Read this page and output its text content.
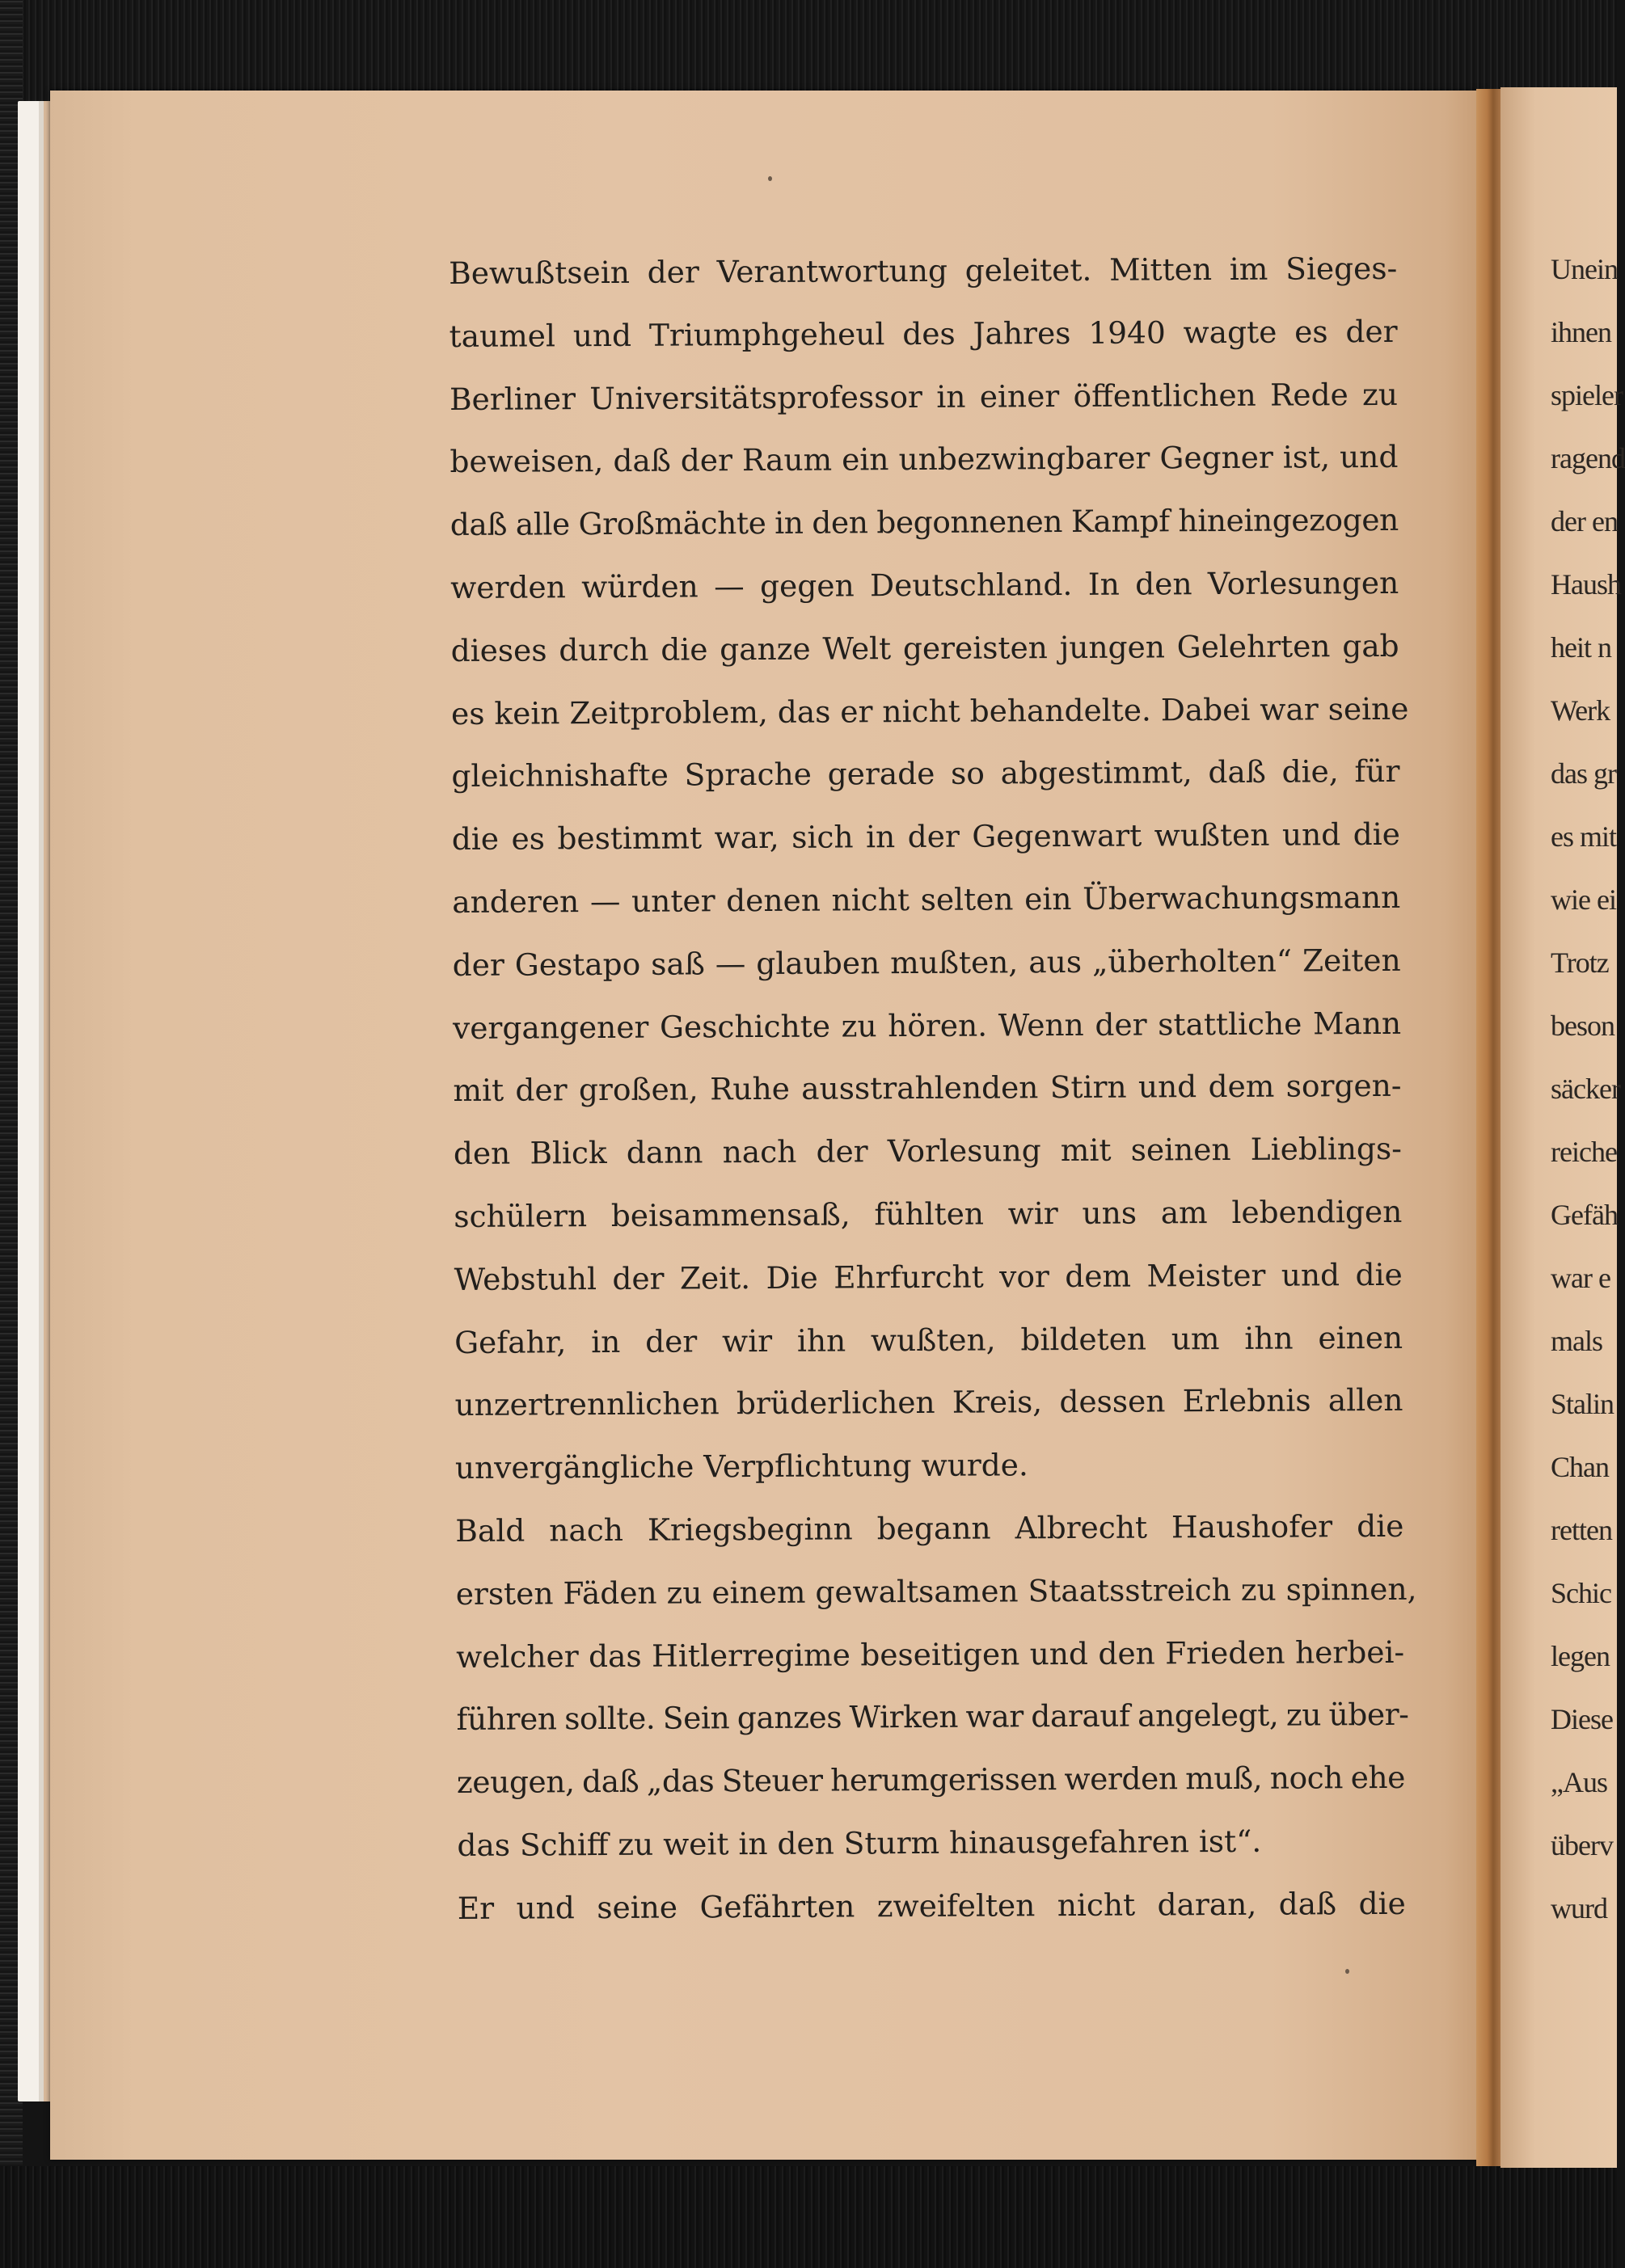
Unein
ihnen
spieler
ragend
der en
Haush
heit n
Werk
das gr
es mit
wie ei
Trotz
beson
säcker
reiche
Gefäh
war e
mals
Stalin
Chan
retten
Schic
legen
Diese
„Aus
überv
wurd
Bewußtsein der Verantwortung geleitet. Mitten im Sieges-
taumel und Triumphgeheul des Jahres 1940 wagte es der
Berliner Universitätsprofessor in einer öffentlichen Rede zu
beweisen, daß der Raum ein unbezwingbarer Gegner ist, und
daß alle Großmächte in den begonnenen Kampf hineingezogen
werden würden — gegen Deutschland. In den Vorlesungen
dieses durch die ganze Welt gereisten jungen Gelehrten gab
es kein Zeitproblem, das er nicht behandelte. Dabei war seine
gleichnishafte Sprache gerade so abgestimmt, daß die, für
die es bestimmt war, sich in der Gegenwart wußten und die
anderen — unter denen nicht selten ein Überwachungsmann
der Gestapo saß — glauben mußten, aus „überholten“ Zeiten
vergangener Geschichte zu hören. Wenn der stattliche Mann
mit der großen, Ruhe ausstrahlenden Stirn und dem sorgen-
den Blick dann nach der Vorlesung mit seinen Lieblings-
schülern beisammensaß, fühlten wir uns am lebendigen
Webstuhl der Zeit. Die Ehrfurcht vor dem Meister und die
Gefahr, in der wir ihn wußten, bildeten um ihn einen
unzertrennlichen brüderlichen Kreis, dessen Erlebnis allen
unvergängliche Verpflichtung wurde.
Bald nach Kriegsbeginn begann Albrecht Haushofer die
ersten Fäden zu einem gewaltsamen Staatsstreich zu spinnen,
welcher das Hitlerregime beseitigen und den Frieden herbei-
führen sollte. Sein ganzes Wirken war darauf angelegt, zu über-
zeugen, daß „das Steuer herumgerissen werden muß, noch ehe
das Schiff zu weit in den Sturm hinausgefahren ist“.
Er und seine Gefährten zweifelten nicht daran, daß die
